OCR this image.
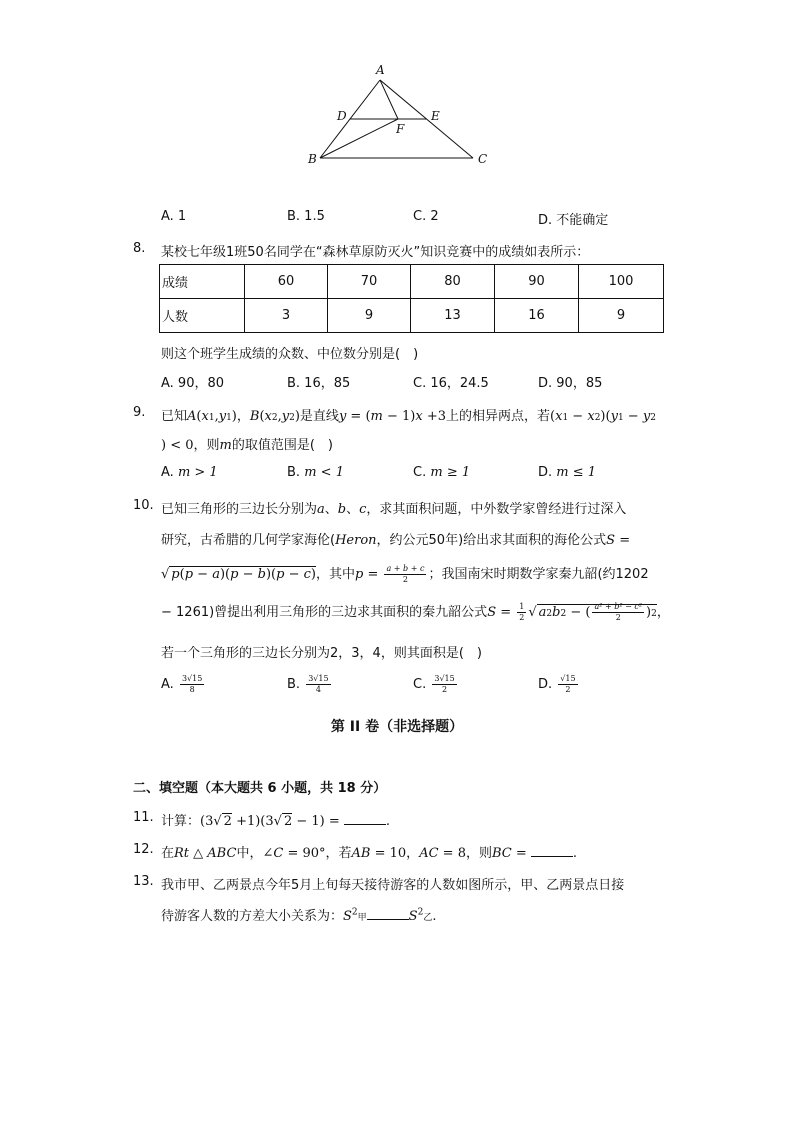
A
B	C
D	E
F
A. 1	B. 1.5	C. 2	D. 不能确定
8. 某校七年级1班50名同学在“森林草原防灭火”知识竞赛中的成绩如表所示：
成绩	60	70	80	90	100
人数	3	9	13	16	9
则这个班学生成绩的众数、中位数分别是(　)
A. 90，80	B. 16，85	C. 16，24.5	D. 90，85
9. 已知A(x1,y1)，B(x2,y2)是直线y = (m − 1)x +3上的相异两点，若(x1 − x2)(y1 − y2
) < 0，则m的取值范围是(　)
A. m > 1	B. m < 1	C. m ≥ 1	D. m ≤ 1
10. 已知三角形的三边长分别为a、b、c，求其面积问题，中外数学家曾经进行过深入
研究，古希腊的几何学家海伦(Heron，约公元50年)给出求其面积的海伦公式S =
√ p(p − a)(p − b)(p − c)，其中$p = \frac{a + b + c}{2}$ ；我国南宋时期数学家秦九韶(约1202
− 1261)曾提出利用三角形的三边求其面积的秦九韶公式$S = \frac{1}{2}$ √ a2b2 − ( $\frac{\text{a² + b² − c²}}{2} )2$，
若一个三角形的三边长分别为2，3，4，则其面积是(　)
A. $\frac{3√15}{8}$	B. $\frac{3√15}{4}$	C. $\frac{3√15}{2}$	D. $\frac{√15}{2}$
第 II 卷（非选择题）
二、填空题（本大题共 6 小题，共 18 分）
11. 计算：(3√ 2 +1)(3√ 2 − 1) =	.
12. 在Rt △ ABC中，∠C = 90°，若AB = 10，AC = 8，则BC =	.
13. 我市甲、乙两景点今年5月上旬每天接待游客的人数如图所示，甲、乙两景点日接
待游客人数的方差大小关系为：$S^2$甲	$S^2$乙.
